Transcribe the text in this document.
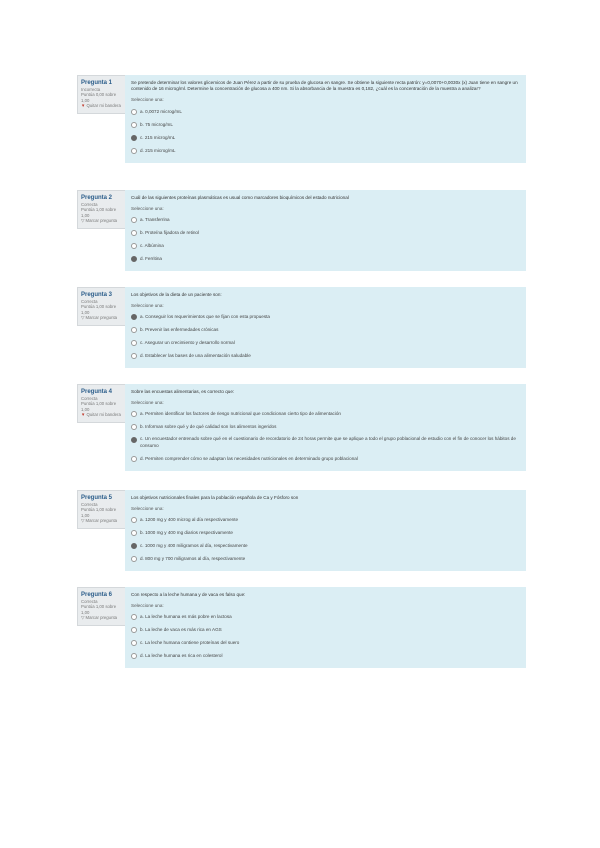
Pregunta 1
Incorrecta
Puntúa 0,00 sobre 1,00
▼ Quitar mi bandera
Se pretende determinar los valores glicemicos de Juan Pérez a partir de su prueba de glucosa en sangre. Se obtiene la siguiente recta patrón: y=0,0070+0,0030x (x) Juan tiene en sangre un contenido de 16 microg/ml. Determine la concentración de glucosa a 400 nm. Si la absorbancia de la muestra es 0,182, ¿cuál es la concentración de la muestra a analizar?
Seleccione una:
a. 0,0072 microg/mL
b. 75 microg/mL
c. 215 microg/mL
d. 215 microg/mL
Pregunta 2
Correcta
Puntúa 1,00 sobre 1,00
▽ Marcar pregunta
Cuál de las siguientes proteínas plasmáticas es usual como marcadores bioquímicos del estado nutricional
Seleccione una:
a. Transferrina
b. Proteína fijadora de retinol
c. Albúmina
d. Ferritina
Pregunta 3
Correcta
Puntúa 1,00 sobre 1,00
▽ Marcar pregunta
Los objetivos de la dieta de un paciente son:
Seleccione una:
a. Conseguir los requerimientos que se fijan con esta propuesta
b. Prevenir las enfermedades crónicas
c. Asegurar un crecimiento y desarrollo normal
d. Establecer las bases de una alimentación saludable
Pregunta 4
Correcta
Puntúa 1,00 sobre 1,00
▼ Quitar mi bandera
Sobre las encuestas alimentarias, es correcto que:
Seleccione una:
a. Permiten identificar los factores de riesgo nutricional que condicionan cierto tipo de alimentación
b. Informan sobre qué y de qué calidad son los alimentos ingeridos
c. Un encuestador entrenado sobre qué en el cuestionario de recordatorio de 24 horas permite que se aplique a todo el grupo poblacional de estudio con el fin de conocer los hábitos de consumo
d. Permiten comprender cómo se adaptan las necesidades nutricionales en determinado grupo poblacional
Pregunta 5
Correcta
Puntúa 1,00 sobre 1,00
▽ Marcar pregunta
Los objetivos nutricionales finales para la población española de Ca y Fósforo son
Seleccione una:
a. 1200 mg y 400 microg al día respectivamente
b. 1000 mg y 400 mg diarios respectivamente
c. 1000 mg y 400 miligramos al día, respectivamente
d. 800 mg y 700 miligramos al día, respectivamente
Pregunta 6
Correcta
Puntúa 1,00 sobre 1,00
▽ Marcar pregunta
Con respecto a la leche humana y de vaca es falso que:
Seleccione una:
a. La leche humana es más pobre en lactosa
b. La leche de vaca es más rica en AGS
c. La leche humana contiene proteínas del suero
d. La leche humana es rica en colesterol
